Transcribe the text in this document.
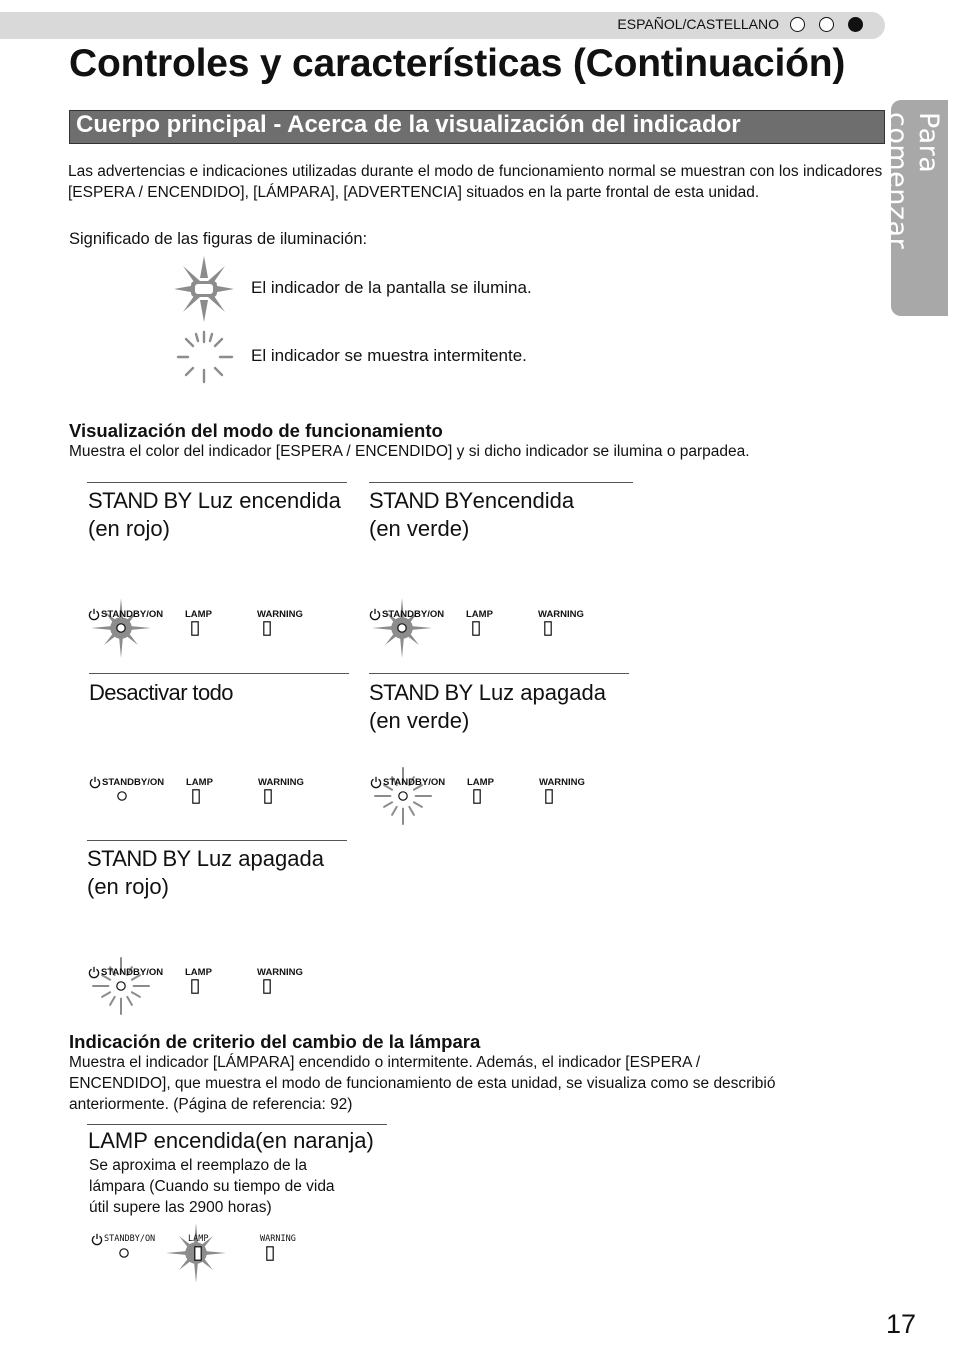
ESPAÑOL/CASTELLANO
Controles y características (Continuación)
Cuerpo principal - Acerca de la visualización del indicador	Para comenzar
Las advertencias e indicaciones utilizadas durante el modo de funcionamiento normal se muestran con los indicadores [ESPERA / ENCENDIDO], [LÁMPARA], [ADVERTENCIA] situados en la parte frontal de esta unidad.
Significado de las figuras de iluminación:
El indicador de la pantalla se ilumina.
El indicador se muestra intermitente.
Visualización del modo de funcionamiento
Muestra el color del indicador [ESPERA / ENCENDIDO] y si dicho indicador se ilumina o parpadea.
STAND BY Luz encendida
(en rojo)
STAND BYencendida
(en verde)
Desactivar todo	STAND BY Luz apagada
(en verde)
STAND BY Luz apagada
(en rojo)
STANDBY/ON LAMP	WARNING	STANDBY/ON LAMP	WARNING
STANDBY/ON LAMP	WARNING	STANDBY/ON LAMP	WARNING
STANDBY/ON LAMP	WARNING
STANDBY/ON	LAMP	WARNING
Indicación de criterio del cambio de la lámpara
Muestra el indicador [LÁMPARA] encendido o intermitente. Además, el indicador [ESPERA /
ENCENDIDO], que muestra el modo de funcionamiento de esta unidad, se visualiza como se describió
anteriormente. (Página de referencia: 92)
LAMP encendida(en naranja)
Se aproxima el reemplazo de la
lámpara (Cuando su tiempo de vida
útil supere las 2900 horas)
17
